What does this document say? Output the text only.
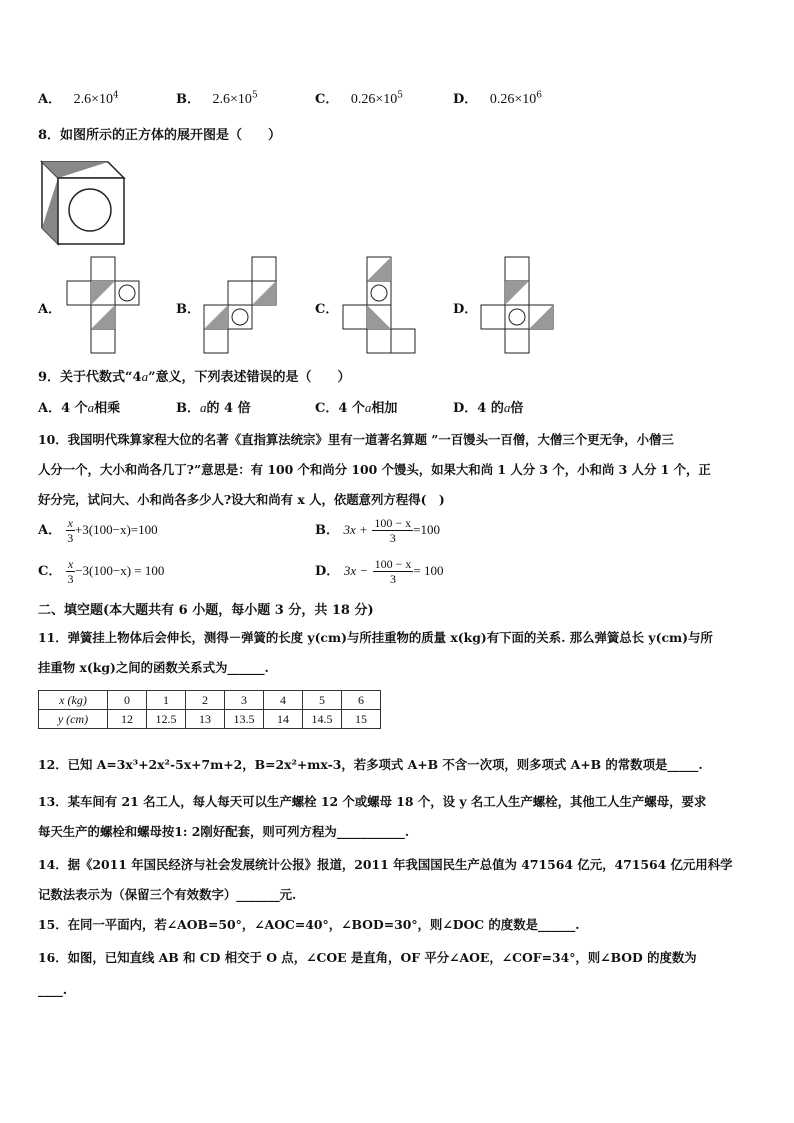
A． $2.6\times 10^4$	B． $2.6\times 10^5$	C． $0.26\times 10^5$	D． $0.26\times 10^6$
8．如图所示的正方体的展开图是（　　）
A．	B．	C．	D．
9．关于代数式“4a”意义，下列表述错误的是（　　）
A．4 个a相乘	B．a的 4 倍	C．4 个a相加	D．4 的a倍
10．我国明代珠算家程大位的名著《直指算法统宗》里有一道著名算题 ”一百馒头一百僧，大僧三个更无争，小僧三
人分一个，大小和尚各几丁?”意思是：有 100 个和尚分 100 个馒头，如果大和尚 1 人分 3 个，小和尚 3 人分 1 个，正
好分完，试问大、小和尚各多少人?设大和尚有 x 人，依题意列方程得(　)
A． $\frac{x}{3} +3(100-x)=100$	B． $3x + \frac{100 - x}{3} =100$
C． $\frac{x}{3} -3(100-x) = 100$	D． $3x - \frac{100 - x}{3} = 100$
二、填空题(本大题共有 6 小题，每小题 3 分，共 18 分)
11．弹簧挂上物体后会伸长，测得－弹簧的长度 y(cm)与所挂重物的质量 x(kg)有下面的关系. 那么弹簧总长 y(cm)与所
挂重物 x(kg)之间的函数关系式为______.
x (kg)	0	1	2	3	4	5	6
y (cm)	12	12.5	13	13.5	14	14.5	15
12．已知 A=3x³+2x²-5x+7m+2，B=2x²+mx-3，若多项式 A+B 不含一次项，则多项式 A+B 的常数项是_____.
13．某车间有 21 名工人，每人每天可以生产螺栓 12 个或螺母 18 个，设 y 名工人生产螺栓，其他工人生产螺母，要求
每天生产的螺栓和螺母按1: 2刚好配套，则可列方程为___________.
14．据《2011 年国民经济与社会发展统计公报》报道，2011 年我国国民生产总值为 471564 亿元，471564 亿元用科学
记数法表示为（保留三个有效数字）_______元.
15．在同一平面内，若∠AOB=50°，∠AOC=40°，∠BOD=30°，则∠DOC 的度数是______.
16．如图，已知直线 AB 和 CD 相交于 O 点，∠COE 是直角，OF 平分∠AOE，∠COF=34°，则∠BOD 的度数为
____.
